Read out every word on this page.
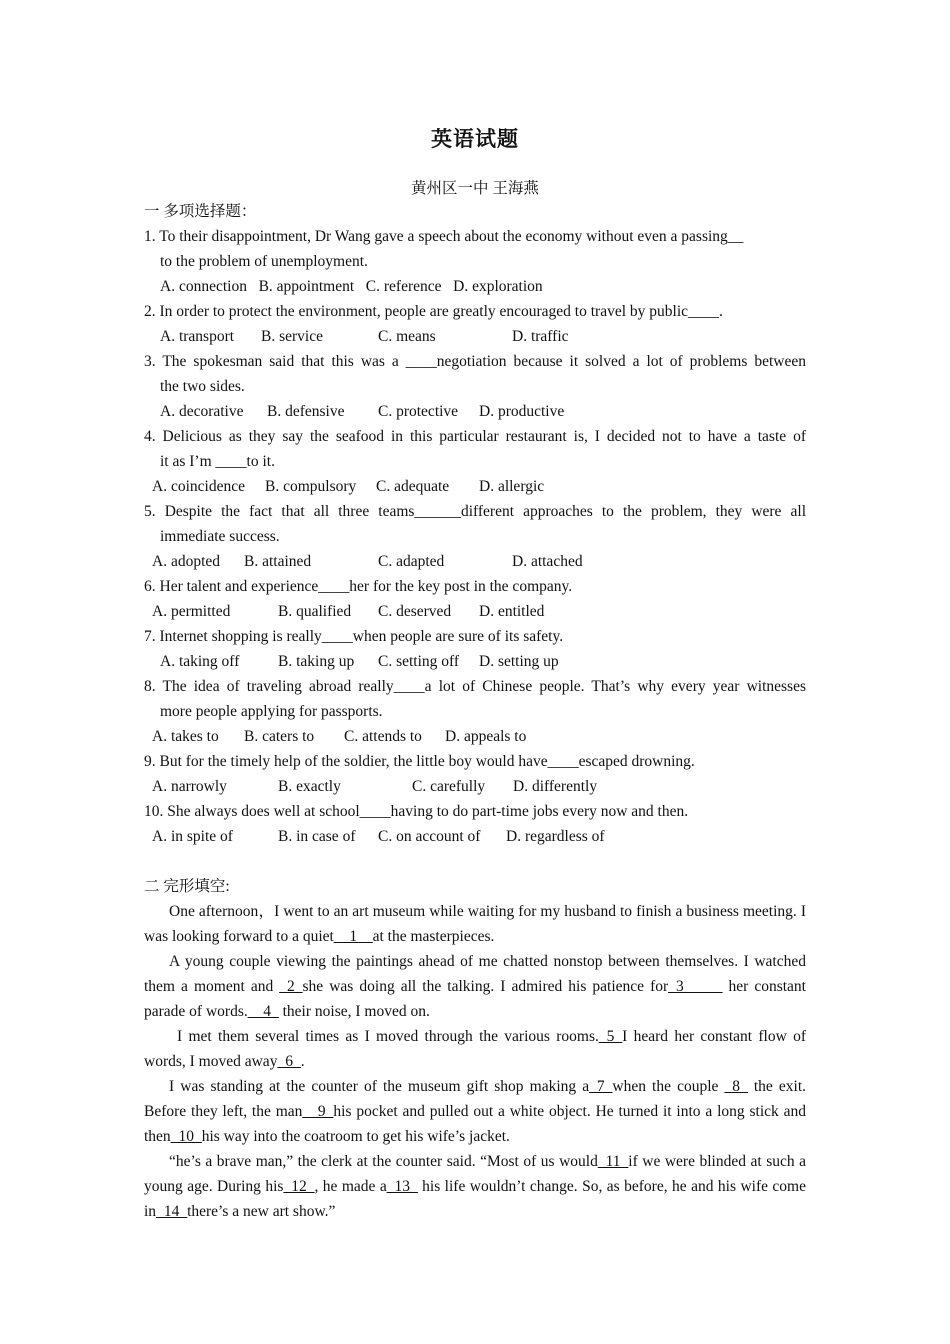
英语试题
黄州区一中 王海燕
一 多项选择题：
1. To their disappointment, Dr Wang gave a speech about the economy without even a passing__
to the problem of unemployment.
A. connection B. appointment C. reference D. exploration
2. In order to protect the environment, people are greatly encouraged to travel by public____.
A. transport B. service	C. means	D. traffic
3. The spokesman said that this was a ____negotiation because it solved a lot of problems between
the two sides.
A. decorative B. defensive C. protective D. productive
4. Delicious as they say the seafood in this particular restaurant is, I decided not to have a taste of
it as I’m ____to it.
A. coincidence B. compulsory C. adequate D. allergic
5. Despite the fact that all three teams______different approaches to the problem, they were all
immediate success.
A. adopted B. attained	C. adapted	D. attached
6. Her talent and experience____her for the key post in the company.
A. permitted	B. qualified C. deserved D. entitled
7. Internet shopping is really____when people are sure of its safety.
A. taking off B. taking up C. setting off D. setting up
8. The idea of traveling abroad really____a lot of Chinese people. That’s why every year witnesses
more people applying for passports.
A. takes to B. caters to C. attends to D. appeals to
9. But for the timely help of the soldier, the little boy would have____escaped drowning.
A. narrowly	B. exactly	C. carefully D. differently
10. She always does well at school____having to do part-time jobs every now and then.
A. in spite of	B. in case of C. on account of D. regardless of
二 完形填空:
One afternoon，I went to an art museum while waiting for my husband to finish a business meeting. I was looking forward to a quiet__1__at the masterpieces.
A young couple viewing the paintings ahead of me chatted nonstop between themselves. I watched them a moment and _2_she was doing all the talking. I admired his patience for_3_____ her constant parade of words.__4_ their noise, I moved on.
I met them several times as I moved through the various rooms._5_I heard her constant flow of words, I moved away_6_.
I was standing at the counter of the museum gift shop making a_7_when the couple _8_ the exit. Before they left, the man__9_his pocket and pulled out a white object. He turned it into a long stick and then_10_his way into the coatroom to get his wife’s jacket.
“he’s a brave man,” the clerk at the counter said. “Most of us would_11_if we were blinded at such a young age. During his_12_, he made a_13_ his life wouldn’t change. So, as before, he and his wife come in_14_there’s a new art show.”
